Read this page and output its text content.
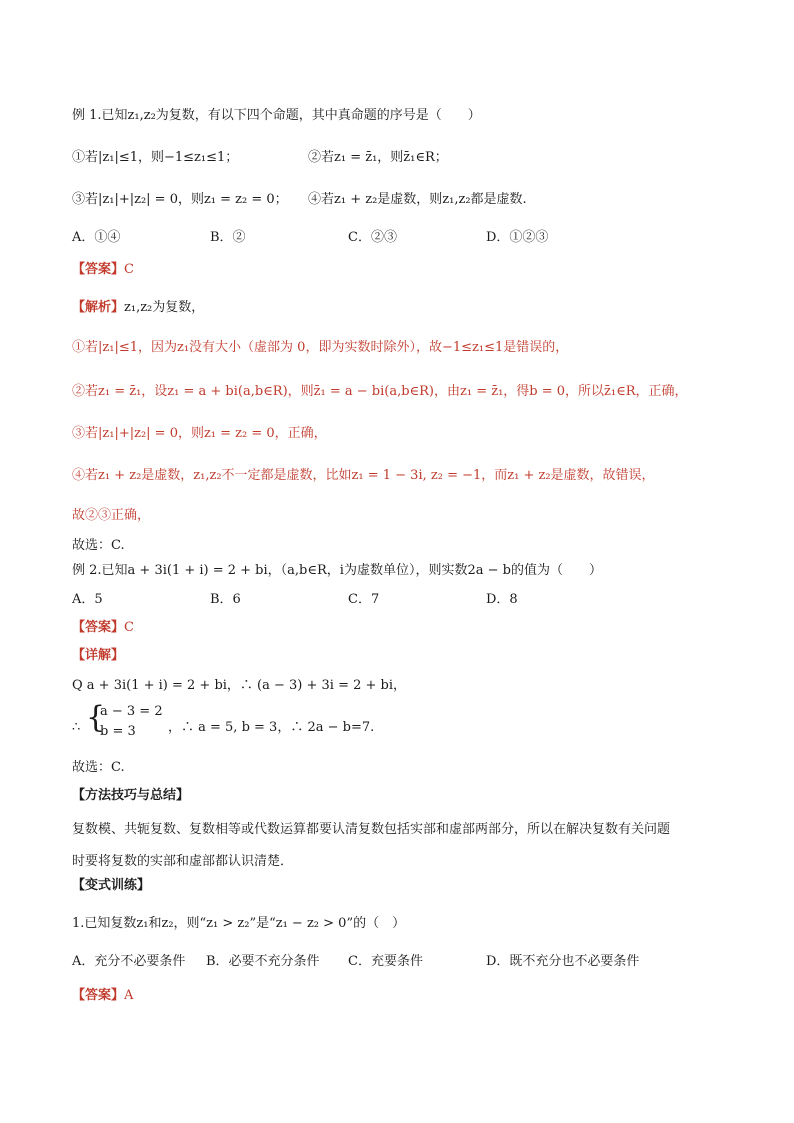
例 1.已知z₁,z₂为复数，有以下四个命题，其中真命题的序号是（　　）
①若|z₁|≤1，则−1≤z₁≤1；	②若z₁ = z̄₁，则z̄₁∈R；
③若|z₁|+|z₂| = 0，则z₁ = z₂ = 0； ④若z₁ + z₂是虚数，则z₁,z₂都是虚数.
A．①④	B．②	C．②③	D．①②③
【答案】C
【解析】z₁,z₂为复数，
①若|z₁|≤1，因为z₁没有大小（虚部为 0，即为实数时除外），故−1≤z₁≤1是错误的，
②若z₁ = z̄₁，设z₁ = a + bi(a,b∈R)，则z̄₁ = a − bi(a,b∈R)，由z₁ = z̄₁，得b = 0，所以z̄₁∈R，正确，
③若|z₁|+|z₂| = 0，则z₁ = z₂ = 0，正确，
④若z₁ + z₂是虚数，z₁,z₂不一定都是虚数，比如z₁ = 1 − 3i, z₂ = −1，而z₁ + z₂是虚数，故错误，
故②③正确，
故选：C.
例 2.已知a + 3i(1 + i) = 2 + bi，（a,b∈R，i为虚数单位），则实数2a − b的值为（　　）
A．5	B．6	C．7	D．8
【答案】C
【详解】
Q a + 3i(1 + i) = 2 + bi，∴ (a − 3) + 3i = 2 + bi，
∴ {
a − 3 = 2
b = 3 ，∴ a = 5, b = 3，∴ 2a − b=7.
故选：C.
【方法技巧与总结】
复数模、共轭复数、复数相等或代数运算都要认清复数包括实部和虚部两部分，所以在解决复数有关问题
时要将复数的实部和虚部都认识清楚．
【变式训练】
1.已知复数z₁和z₂，则“z₁ > z₂”是“z₁ − z₂ > 0”的（　）
A．充分不必要条件 B．必要不充分条件 C．充要条件	D．既不充分也不必要条件
【答案】A
